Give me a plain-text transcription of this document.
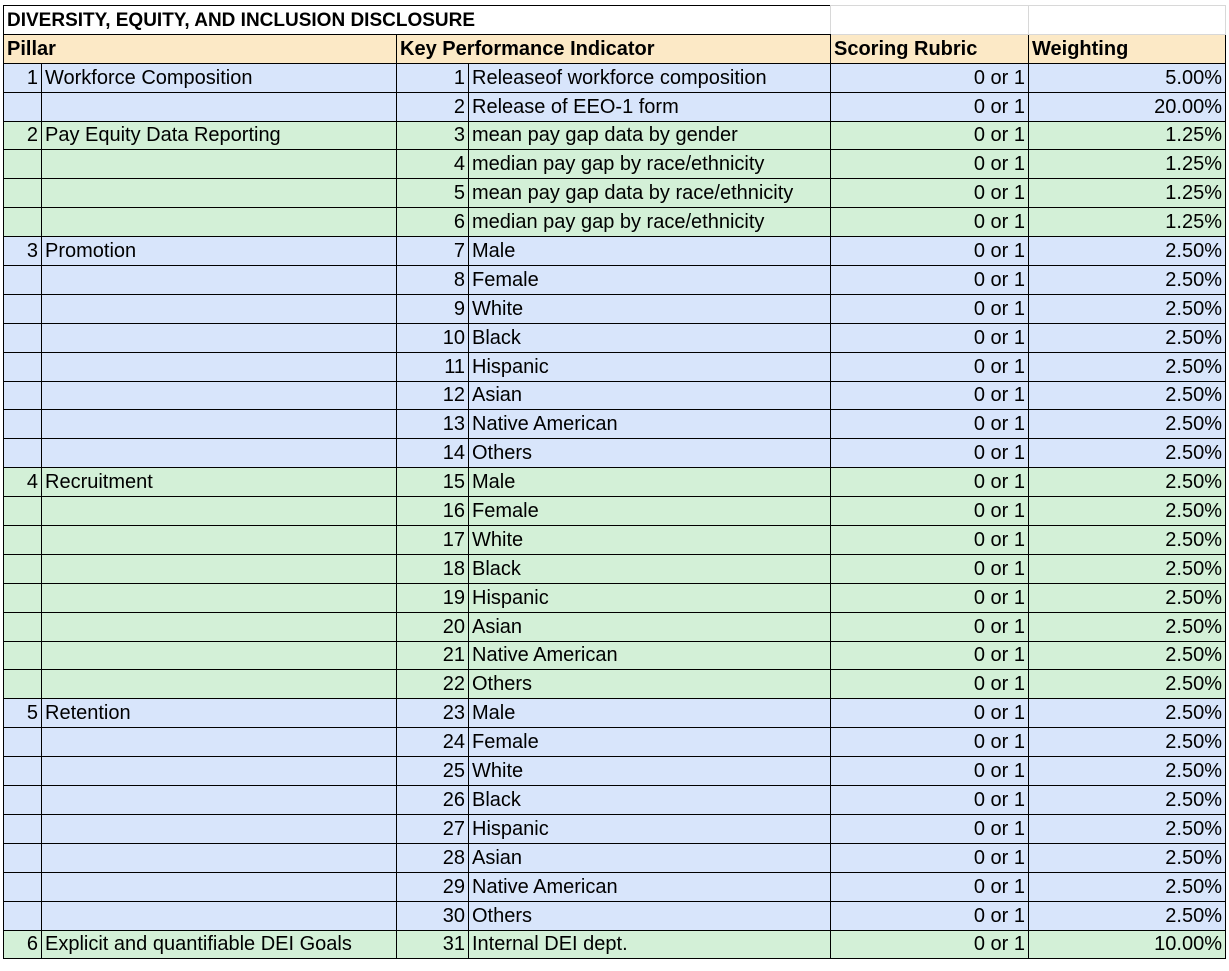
DIVERSITY, EQUITY, AND INCLUSION DISCLOSURE					
Pillar		Key Performance Indicator		Scoring Rubric	Weighting
1	Workforce Composition	1	Releaseof workforce composition	0 or 1	5.00%
		2	Release of EEO-1 form	0 or 1	20.00%
2	Pay Equity Data Reporting	3	mean pay gap data by gender	0 or 1	1.25%
		4	median pay gap by race/ethnicity	0 or 1	1.25%
		5	mean pay gap data by race/ethnicity	0 or 1	1.25%
		6	median pay gap by race/ethnicity	0 or 1	1.25%
3	Promotion	7	Male	0 or 1	2.50%
		8	Female	0 or 1	2.50%
		9	White	0 or 1	2.50%
		10	Black	0 or 1	2.50%
		11	Hispanic	0 or 1	2.50%
		12	Asian	0 or 1	2.50%
		13	Native American	0 or 1	2.50%
		14	Others	0 or 1	2.50%
4	Recruitment	15	Male	0 or 1	2.50%
		16	Female	0 or 1	2.50%
		17	White	0 or 1	2.50%
		18	Black	0 or 1	2.50%
		19	Hispanic	0 or 1	2.50%
		20	Asian	0 or 1	2.50%
		21	Native American	0 or 1	2.50%
		22	Others	0 or 1	2.50%
5	Retention	23	Male	0 or 1	2.50%
		24	Female	0 or 1	2.50%
		25	White	0 or 1	2.50%
		26	Black	0 or 1	2.50%
		27	Hispanic	0 or 1	2.50%
		28	Asian	0 or 1	2.50%
		29	Native American	0 or 1	2.50%
		30	Others	0 or 1	2.50%
6	Explicit and quantifiable DEI Goals	31	Internal DEI dept.	0 or 1	10.00%
